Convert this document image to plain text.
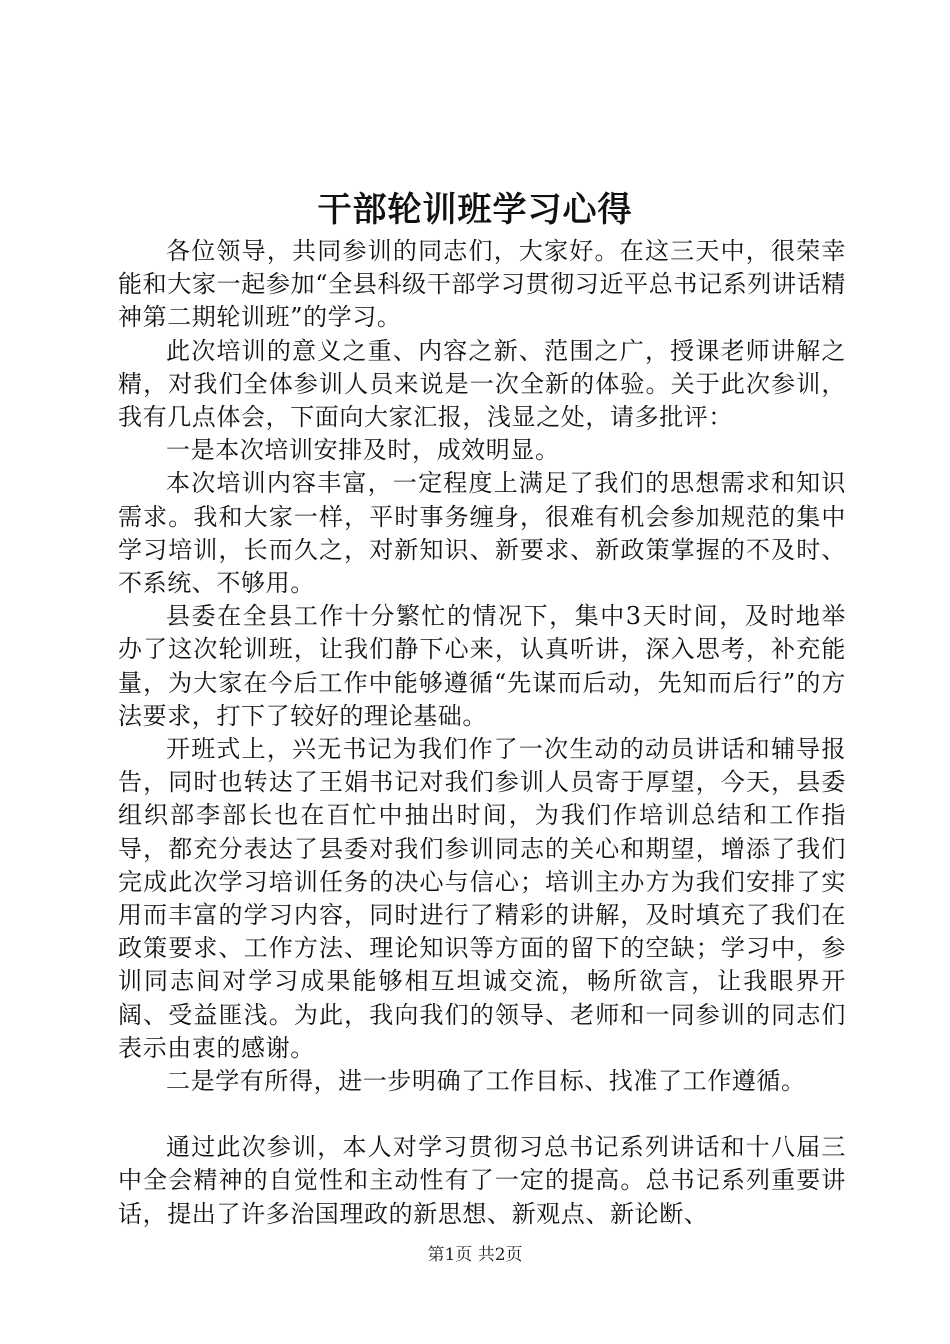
干部轮训班学习心得

各位领导，共同参训的同志们，大家好。在这三天中，很荣幸能和大家一起参加“全县科级干部学习贯彻习近平总书记系列讲话精神第二期轮训班”的学习。

此次培训的意义之重、内容之新、范围之广，授课老师讲解之精，对我们全体参训人员来说是一次全新的体验。关于此次参训，我有几点体会，下面向大家汇报，浅显之处，请多批评：

一是本次培训安排及时，成效明显。

本次培训内容丰富，一定程度上满足了我们的思想需求和知识需求。我和大家一样，平时事务缠身，很难有机会参加规范的集中学习培训，长而久之，对新知识、新要求、新政策掌握的不及时、不系统、不够用。

县委在全县工作十分繁忙的情况下，集中3天时间，及时地举办了这次轮训班，让我们静下心来，认真听讲，深入思考，补充能量，为大家在今后工作中能够遵循“先谋而后动，先知而后行”的方法要求，打下了较好的理论基础。

开班式上，兴无书记为我们作了一次生动的动员讲话和辅导报告，同时也转达了王娟书记对我们参训人员寄于厚望，今天，县委组织部李部长也在百忙中抽出时间，为我们作培训总结和工作指导，都充分表达了县委对我们参训同志的关心和期望，增添了我们完成此次学习培训任务的决心与信心；培训主办方为我们安排了实用而丰富的学习内容，同时进行了精彩的讲解，及时填充了我们在政策要求、工作方法、理论知识等方面的留下的空缺；学习中，参训同志间对学习成果能够相互坦诚交流，畅所欲言，让我眼界开阔、受益匪浅。为此，我向我们的领导、老师和一同参训的同志们表示由衷的感谢。

二是学有所得，进一步明确了工作目标、找准了工作遵循。

通过此次参训，本人对学习贯彻习总书记系列讲话和十八届三中全会精神的自觉性和主动性有了一定的提高。总书记系列重要讲话，提出了许多治国理政的新思想、新观点、新论断、

第1页 共2页
